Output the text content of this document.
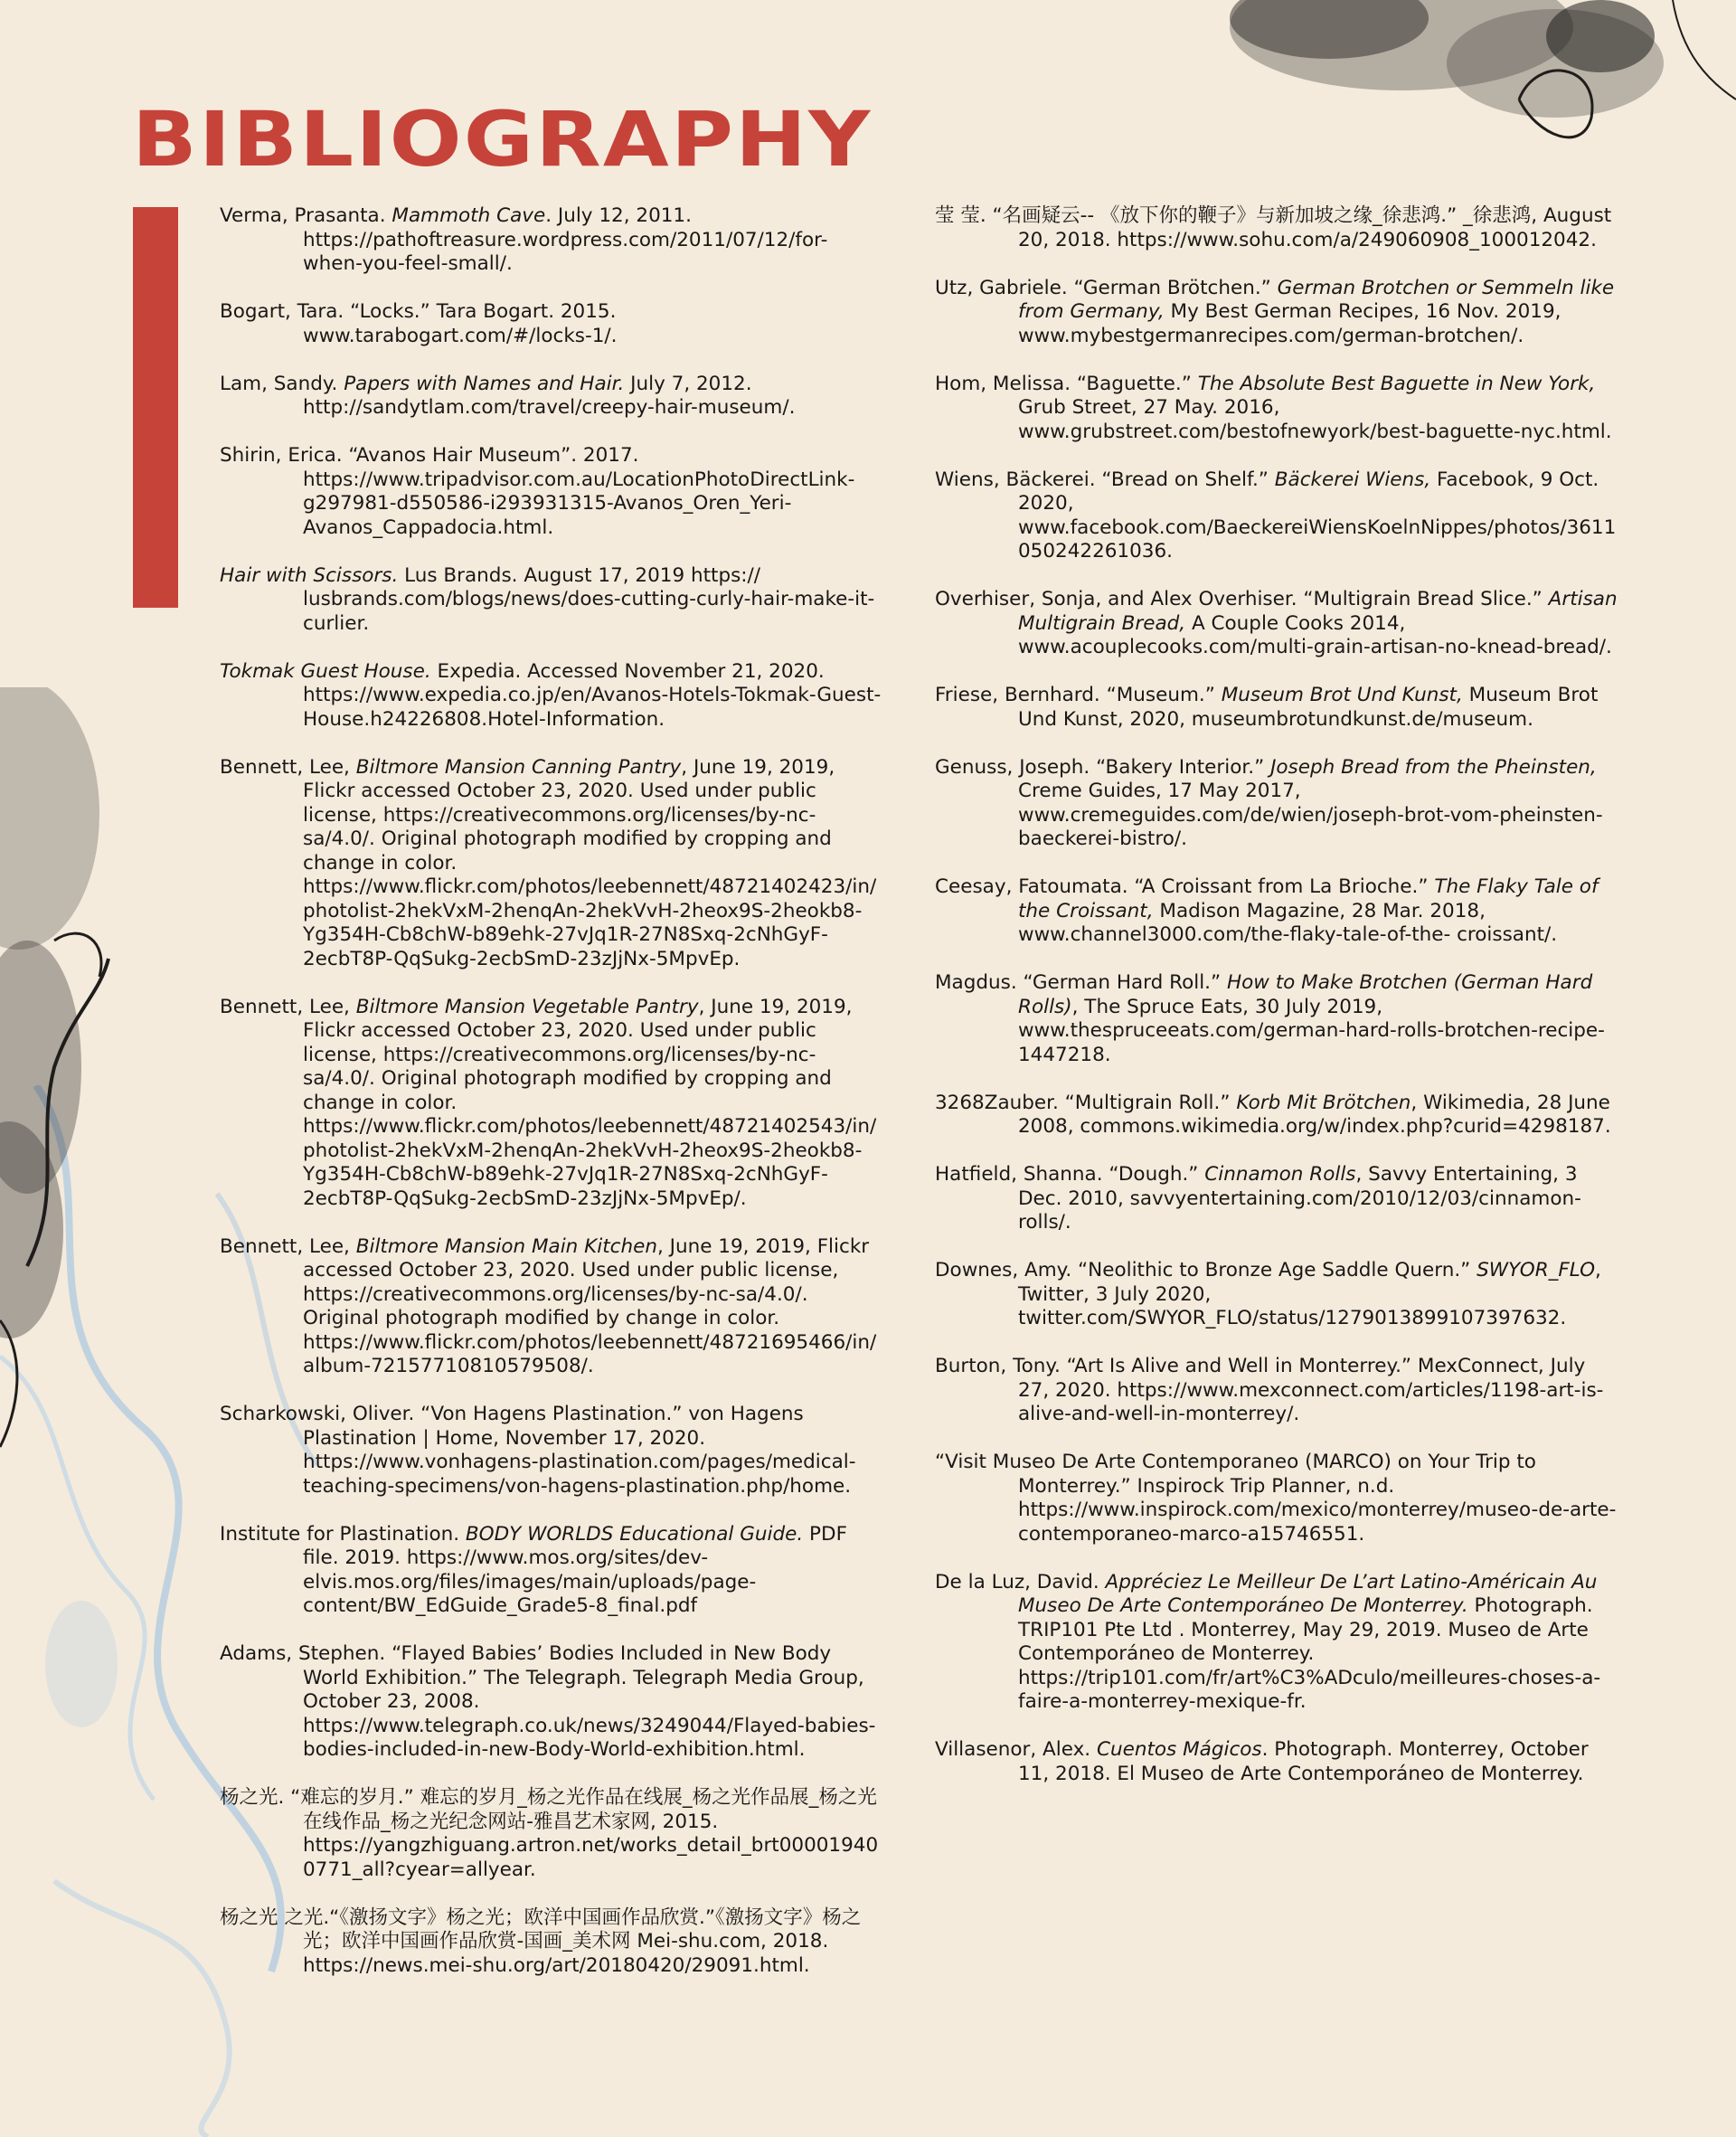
BIBLIOGRAPHY

Verma, Prasanta. Mammoth Cave. July 12, 2011. https://pathoftreasure.wordpress.com/2011/07/12/for-when-you-feel-small/.

Bogart, Tara. “Locks.” Tara Bogart. 2015. www.tarabogart.com/#/locks-1/.

Lam, Sandy. Papers with Names and Hair. July 7, 2012. http://sandytlam.com/travel/creepy-hair-museum/.

Shirin, Erica. “Avanos Hair Museum”. 2017. https://www.tripadvisor.com.au/LocationPhotoDirectLink-g297981-d550586-i293931315-Avanos_Oren_Yeri-Avanos_Cappadocia.html.

Hair with Scissors. Lus Brands. August 17, 2019 https:// lusbrands.com/blogs/news/does-cutting-curly-hair-make-it-curlier.

Tokmak Guest House. Expedia. Accessed November 21, 2020. https://www.expedia.co.jp/en/Avanos-Hotels-Tokmak-Guest-House.h24226808.Hotel-Information.

Bennett, Lee, Biltmore Mansion Canning Pantry, June 19, 2019, Flickr accessed October 23, 2020. Used under public license, https://creativecommons.org/licenses/by-nc-sa/4.0/. Original photograph modified by cropping and change in color. https://www.flickr.com/photos/leebennett/48721402423/in/photolist-2hekVxM-2henqAn-2hekVvH-2heox9S-2heokb8-Yg354H-Cb8chW-b89ehk-27vJq1R-27N8Sxq-2cNhGyF-2ecbT8P-QqSukg-2ecbSmD-23zJjNx-5MpvEp.

Bennett, Lee, Biltmore Mansion Vegetable Pantry, June 19, 2019, Flickr accessed October 23, 2020. Used under public license, https://creativecommons.org/licenses/by-nc-sa/4.0/. Original photograph modified by cropping and change in color. https://www.flickr.com/photos/leebennett/48721402543/in/photolist-2hekVxM-2henqAn-2hekVvH-2heox9S-2heokb8-Yg354H-Cb8chW-b89ehk-27vJq1R-27N8Sxq-2cNhGyF-2ecbT8P-QqSukg-2ecbSmD-23zJjNx-5MpvEp/.

Bennett, Lee, Biltmore Mansion Main Kitchen, June 19, 2019, Flickr accessed October 23, 2020. Used under public license, https://creativecommons.org/licenses/by-nc-sa/4.0/. Original photograph modified by change in color. https://www.flickr.com/photos/leebennett/48721695466/in/ album-72157710810579508/.

Scharkowski, Oliver. “Von Hagens Plastination.” von Hagens Plastination | Home, November 17, 2020. https://www.vonhagens-plastination.com/pages/medical-teaching-specimens/von-hagens-plastination.php/home.

Institute for Plastination. BODY WORLDS Educational Guide. PDF file. 2019. https://www.mos.org/sites/dev-elvis.mos.org/files/images/main/uploads/page-content/BW_EdGuide_Grade5-8_final.pdf

Adams, Stephen. “Flayed Babies’ Bodies Included in New Body World Exhibition.” The Telegraph. Telegraph Media Group, October 23, 2008. https://www.telegraph.co.uk/news/3249044/Flayed-babies-bodies-included-in-new-Body-World-exhibition.html.

杨之光. “难忘的岁月.” 难忘的岁月_杨之光作品在线展_杨之光作品展_杨之光在线作品_杨之光纪念网站-雅昌艺术家网, 2015. https://yangzhiguang.artron.net/works_detail_brt000019400771_all?cyear=allyear.

杨之光 之光.“《激扬文字》杨之光；欧洋中国画作品欣赏.”《激扬文字》杨之光；欧洋中国画作品欣赏-国画_美术网 Mei-shu.com, 2018. https://news.mei-shu.org/art/20180420/29091.html.

莹 莹. “名画疑云-- 《放下你的鞭子》与新加坡之缘_徐悲鸿.” _徐悲鸿, August 20, 2018. https://www.sohu.com/a/249060908_100012042.

Utz, Gabriele. “German Brötchen.” German Brotchen or Semmeln like from Germany, My Best German Recipes, 16 Nov. 2019, www.mybestgermanrecipes.com/german-brotchen/.

Hom, Melissa. “Baguette.” The Absolute Best Baguette in New York, Grub Street, 27 May. 2016, www.grubstreet.com/bestofnewyork/best-baguette-nyc.html.

Wiens, Bäckerei. “Bread on Shelf.” Bäckerei Wiens, Facebook, 9 Oct. 2020, www.facebook.com/BaeckereiWiensKoelnNippes/photos/3611050242261036.

Overhiser, Sonja, and Alex Overhiser. “Multigrain Bread Slice.” Artisan Multigrain Bread, A Couple Cooks 2014, www.acouplecooks.com/multi-grain-artisan-no-knead-bread/.

Friese, Bernhard. “Museum.” Museum Brot Und Kunst, Museum Brot Und Kunst, 2020, museumbrotundkunst.de/museum.

Genuss, Joseph. “Bakery Interior.” Joseph Bread from the Pheinsten, Creme Guides, 17 May 2017, www.cremeguides.com/de/wien/joseph-brot-vom-pheinsten-baeckerei-bistro/.

Ceesay, Fatoumata. “A Croissant from La Brioche.” The Flaky Tale of the Croissant, Madison Magazine, 28 Mar. 2018, www.channel3000.com/the-flaky-tale-of-the- croissant/.

Magdus. “German Hard Roll.” How to Make Brotchen (German Hard Rolls), The Spruce Eats, 30 July 2019, www.thespruceeats.com/german-hard-rolls-brotchen-recipe-1447218.

3268Zauber. “Multigrain Roll.” Korb Mit Brötchen, Wikimedia, 28 June 2008, commons.wikimedia.org/w/index.php?curid=4298187.

Hatfield, Shanna. “Dough.” Cinnamon Rolls, Savvy Entertaining, 3 Dec. 2010, savvyentertaining.com/2010/12/03/cinnamon-rolls/.

Downes, Amy. “Neolithic to Bronze Age Saddle Quern.” SWYOR_FLO, Twitter, 3 July 2020, twitter.com/SWYOR_FLO/status/1279013899107397632.

Burton, Tony. “Art Is Alive and Well in Monterrey.” MexConnect, July 27, 2020. https://www.mexconnect.com/articles/1198-art-is-alive-and-well-in-monterrey/.

“Visit Museo De Arte Contemporaneo (MARCO) on Your Trip to Monterrey.” Inspirock Trip Planner, n.d. https://www.inspirock.com/mexico/monterrey/museo-de-arte-contemporaneo-marco-a15746551.

De la Luz, David. Appréciez Le Meilleur De L’art Latino-Américain Au Museo De Arte Contemporáneo De Monterrey. Photograph. TRIP101 Pte Ltd . Monterrey, May 29, 2019. Museo de Arte Contemporáneo de Monterrey. https://trip101.com/fr/art%C3%ADculo/meilleures-choses-a-faire-a-monterrey-mexique-fr.

Villasenor, Alex. Cuentos Mágicos. Photograph. Monterrey, October 11, 2018. El Museo de Arte Contemporáneo de Monterrey.
